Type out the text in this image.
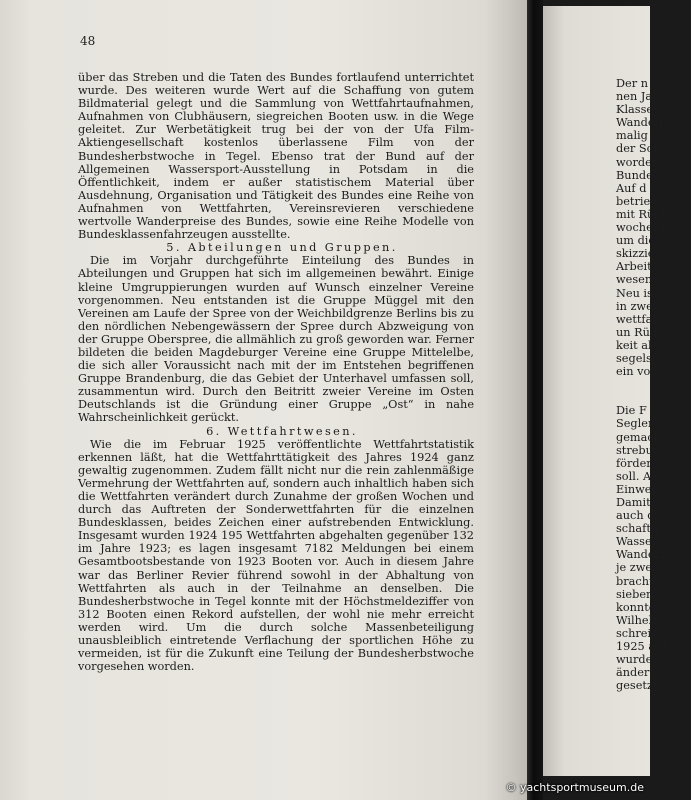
48

über das Streben und die Taten des Bundes fortlaufend unterrichtet wurde. Des weiteren wurde Wert auf die Schaffung von gutem Bildmaterial gelegt und die Sammlung von Wettfahrtaufnahmen, Aufnahmen von Clubhäusern, siegreichen Booten usw. in die Wege geleitet. Zur Werbetätigkeit trug bei der von der Ufa Film-Aktiengesellschaft kostenlos überlassene Film von der Bundesherbstwoche in Tegel. Ebenso trat der Bund auf der Allgemeinen Wassersport-Ausstellung in Potsdam in die Öffentlichkeit, indem er außer statistischem Material über Ausdehnung, Organisation und Tätigkeit des Bundes eine Reihe von Aufnahmen von Wettfahrten, Vereinsrevieren verschiedene wertvolle Wanderpreise des Bundes, sowie eine Reihe Modelle von Bundesklassenfahrzeugen ausstellte.

5. Abteilungen und Gruppen.

Die im Vorjahr durchgeführte Einteilung des Bundes in Abteilungen und Gruppen hat sich im allgemeinen bewährt. Einige kleine Umgruppierungen wurden auf Wunsch einzelner Vereine vorgenommen. Neu entstanden ist die Gruppe Müggel mit den Vereinen am Laufe der Spree von der Weichbildgrenze Berlins bis zu den nördlichen Nebengewässern der Spree durch Abzweigung von der Gruppe Oberspree, die allmählich zu groß geworden war. Ferner bildeten die beiden Magdeburger Vereine eine Gruppe Mittelelbe, die sich aller Voraussicht nach mit der im Entstehen begriffenen Gruppe Brandenburg, die das Gebiet der Unterhavel umfassen soll, zusammentun wird. Durch den Beitritt zweier Vereine im Osten Deutschlands ist die Gründung einer Gruppe „Ost“ in nahe Wahrscheinlichkeit gerückt.

6. Wettfahrtwesen.

Wie die im Februar 1925 veröffentlichte Wettfahrtstatistik erkennen läßt, hat die Wettfahrttätigkeit des Jahres 1924 ganz gewaltig zugenommen. Zudem fällt nicht nur die rein zahlenmäßige Vermehrung der Wettfahrten auf, sondern auch inhaltlich haben sich die Wettfahrten verändert durch Zunahme der großen Wochen und durch das Auftreten der Sonderwettfahrten für die einzelnen Bundesklassen, beides Zeichen einer aufstrebenden Entwicklung. Insgesamt wurden 1924 195 Wettfahrten abgehalten gegenüber 132 im Jahre 1923; es lagen insgesamt 7182 Meldungen bei einem Gesamtbootsbestande von 1923 Booten vor. Auch in diesem Jahre war das Berliner Revier führend sowohl in der Abhaltung von Wettfahrten als auch in der Teilnahme an denselben. Die Bundesherbstwoche in Tegel konnte mit der Höchstmeldeziffer von 312 Booten einen Rekord aufstellen, der wohl nie mehr erreicht werden wird. Um die durch solche Massenbeteiligung unausbleiblich eintretende Verflachung der sportlichen Höhe zu vermeiden, ist für die Zukunft eine Teilung der Bundesherbstwoche vorgesehen worden.

Der n
nen Jahr
Klassen s
Wanderp
malig die
der Sond
worden
Bundesjol
Auf d
betrieb e
mit Rück
woche, E
um die
skizzieren
Arbeit d
wesen ist
Neu is
in zwei
wettfahrt
un Rüge
keit abg
segelspor
ein voller
7.
Die F
Segler-Bu
gemacht.
strebunge
fördern,
soll. Als
Einweihu
Damit sin
auch die
schaftlich
Wassersp
Wanderfa
je zwei
brachte
sieben Pr
konnten.
Wilhelms
schreibun
1925 auf
wurden e
ändert, s
gesetzt, v
© yachtsportmuseum.de
